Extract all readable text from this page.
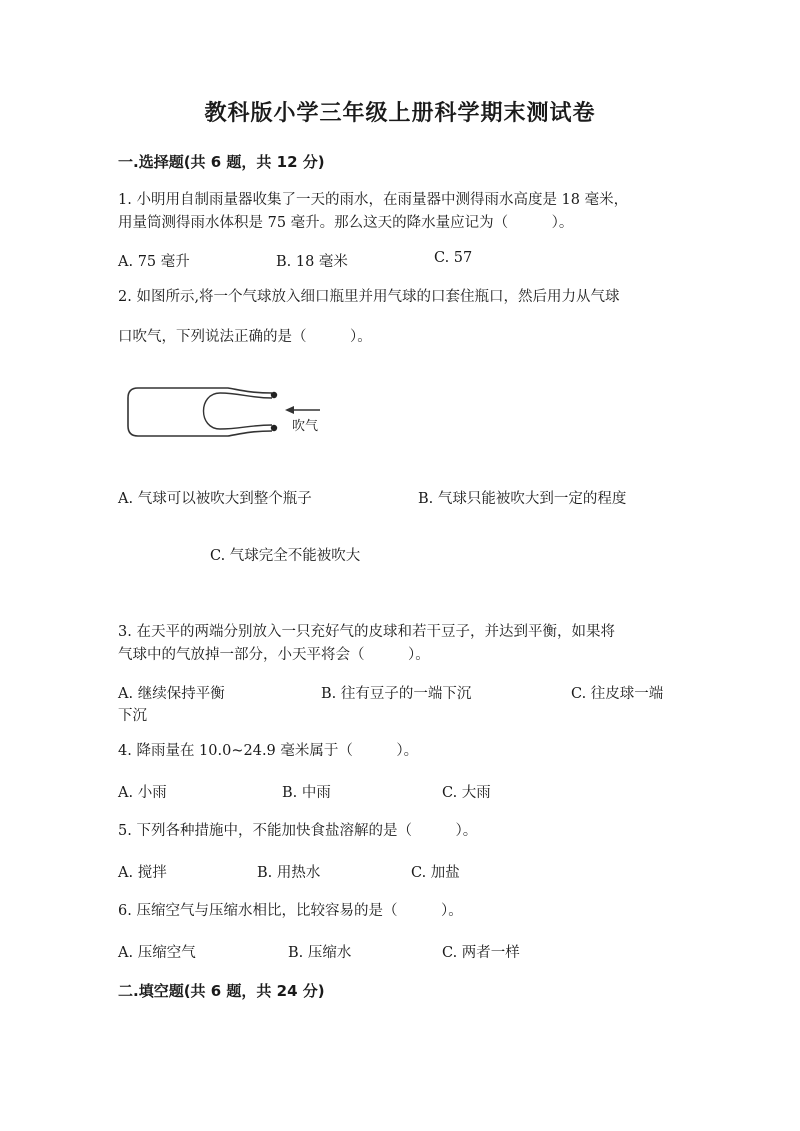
教科版小学三年级上册科学期末测试卷
一.选择题(共 6 题，共 12 分)
1. 小明用自制雨量器收集了一天的雨水，在雨量器中测得雨水高度是 18 毫米，
用量筒测得雨水体积是 75 毫升。那么这天的降水量应记为（　　　）。
A. 75 毫升	B. 18 毫米	C. 57
2. 如图所示,将一个气球放入细口瓶里并用气球的口套住瓶口，然后用力从气球
口吹气，下列说法正确的是（　　　）。
吹气
A. 气球可以被吹大到整个瓶子	B. 气球只能被吹大到一定的程度
C. 气球完全不能被吹大
3. 在天平的两端分别放入一只充好气的皮球和若干豆子，并达到平衡，如果将
气球中的气放掉一部分，小天平将会（　　　）。
A. 继续保持平衡	B. 往有豆子的一端下沉	C. 往皮球一端
下沉
4. 降雨量在 10.0~24.9 毫米属于（　　　）。
A. 小雨	B. 中雨	C. 大雨
5. 下列各种措施中，不能加快食盐溶解的是（　　　）。
A. 搅拌	B. 用热水	C. 加盐
6. 压缩空气与压缩水相比，比较容易的是（　　　）。
A. 压缩空气	B. 压缩水	C. 两者一样
二.填空题(共 6 题，共 24 分)
